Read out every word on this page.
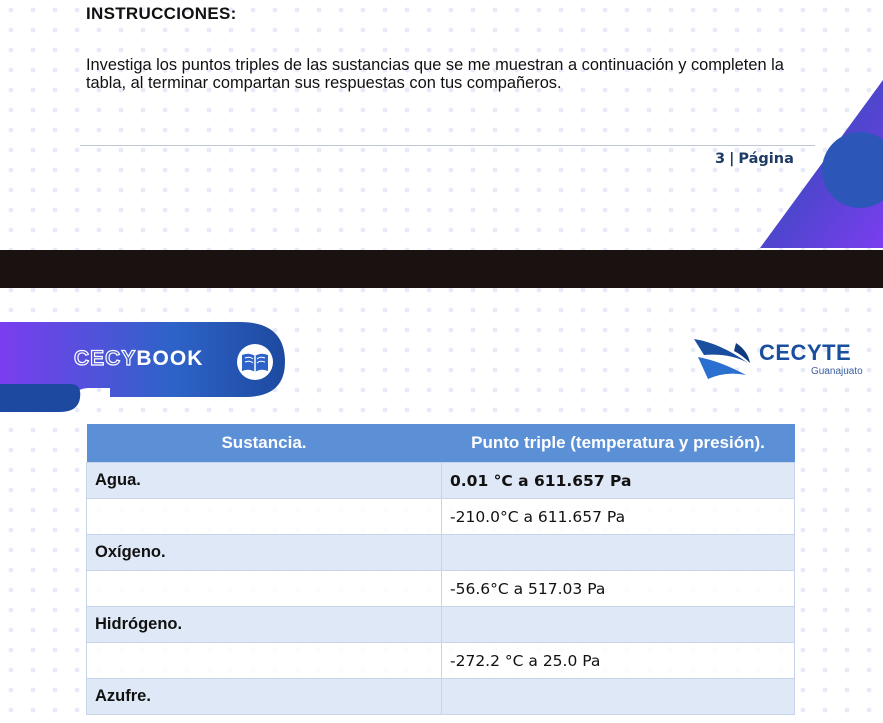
INSTRUCCIONES:
Investiga los puntos triples de las sustancias que se me muestran a continuación y completen la tabla, al terminar compartan sus respuestas con tus compañeros.
3 | Página
CECYBOOK	CECYTE
Guanajuato
Sustancia.	Punto triple (temperatura y presión).
Agua.	0.01 °C a 611.657 Pa
	-210.0°C a 611.657 Pa
Oxígeno.	
	-56.6°C a 517.03 Pa
Hidrógeno.	
	-272.2 °C a 25.0 Pa
Azufre.	
